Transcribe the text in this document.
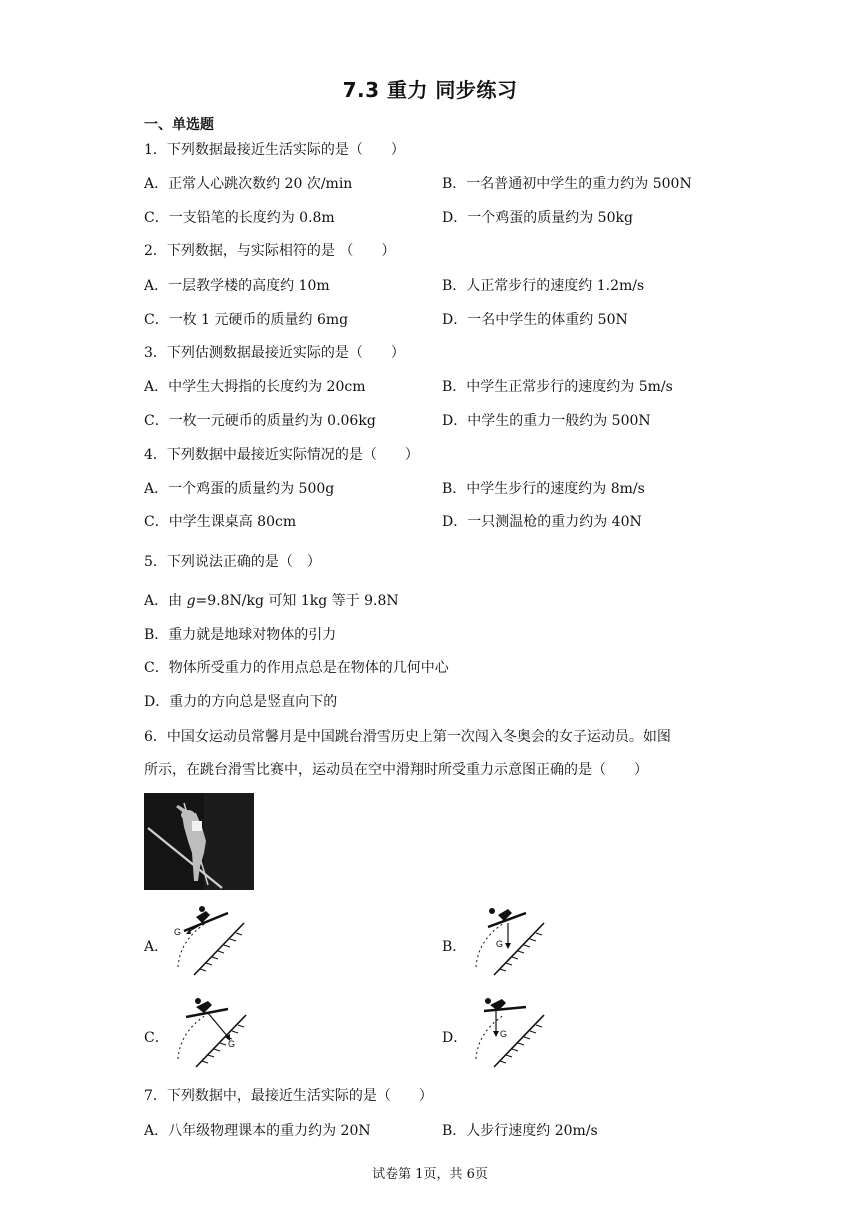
7.3 重力 同步练习
一、单选题
1．下列数据最接近生活实际的是（　　）
A．正常人心跳次数约 20 次/min	B．一名普通初中学生的重力约为 500N
C．一支铅笔的长度约为 0.8m	D．一个鸡蛋的质量约为 50kg
2．下列数据，与实际相符的是 （　　）
A．一层教学楼的高度约 10m	B．人正常步行的速度约 1.2m/s
C．一枚 1 元硬币的质量约 6mg	D．一名中学生的体重约 50N
3．下列估测数据最接近实际的是（　　）
A．中学生大拇指的长度约为 20cm	B．中学生正常步行的速度约为 5m/s
C．一枚一元硬币的质量约为 0.06kg	D．中学生的重力一般约为 500N
4．下列数据中最接近实际情况的是（　　）
A．一个鸡蛋的质量约为 500g	B．中学生步行的速度约为 8m/s
C．中学生课桌高 80cm	D．一只测温枪的重力约为 40N
5．下列说法正确的是（　）
A．由 g=9.8N/kg 可知 1kg 等于 9.8N
B．重力就是地球对物体的引力
C．物体所受重力的作用点总是在物体的几何中心
D．重力的方向总是竖直向下的
6．中国女运动员常馨月是中国跳台滑雪历史上第一次闯入冬奥会的女子运动员。如图
所示，在跳台滑雪比赛中，运动员在空中滑翔时所受重力示意图正确的是（　　）
A．
G
B．	G
C．	G	D．	G
7．下列数据中，最接近生活实际的是（　　）
A．八年级物理课本的重力约为 20N	B．人步行速度约 20m/s
试卷第 1页，共 6页
